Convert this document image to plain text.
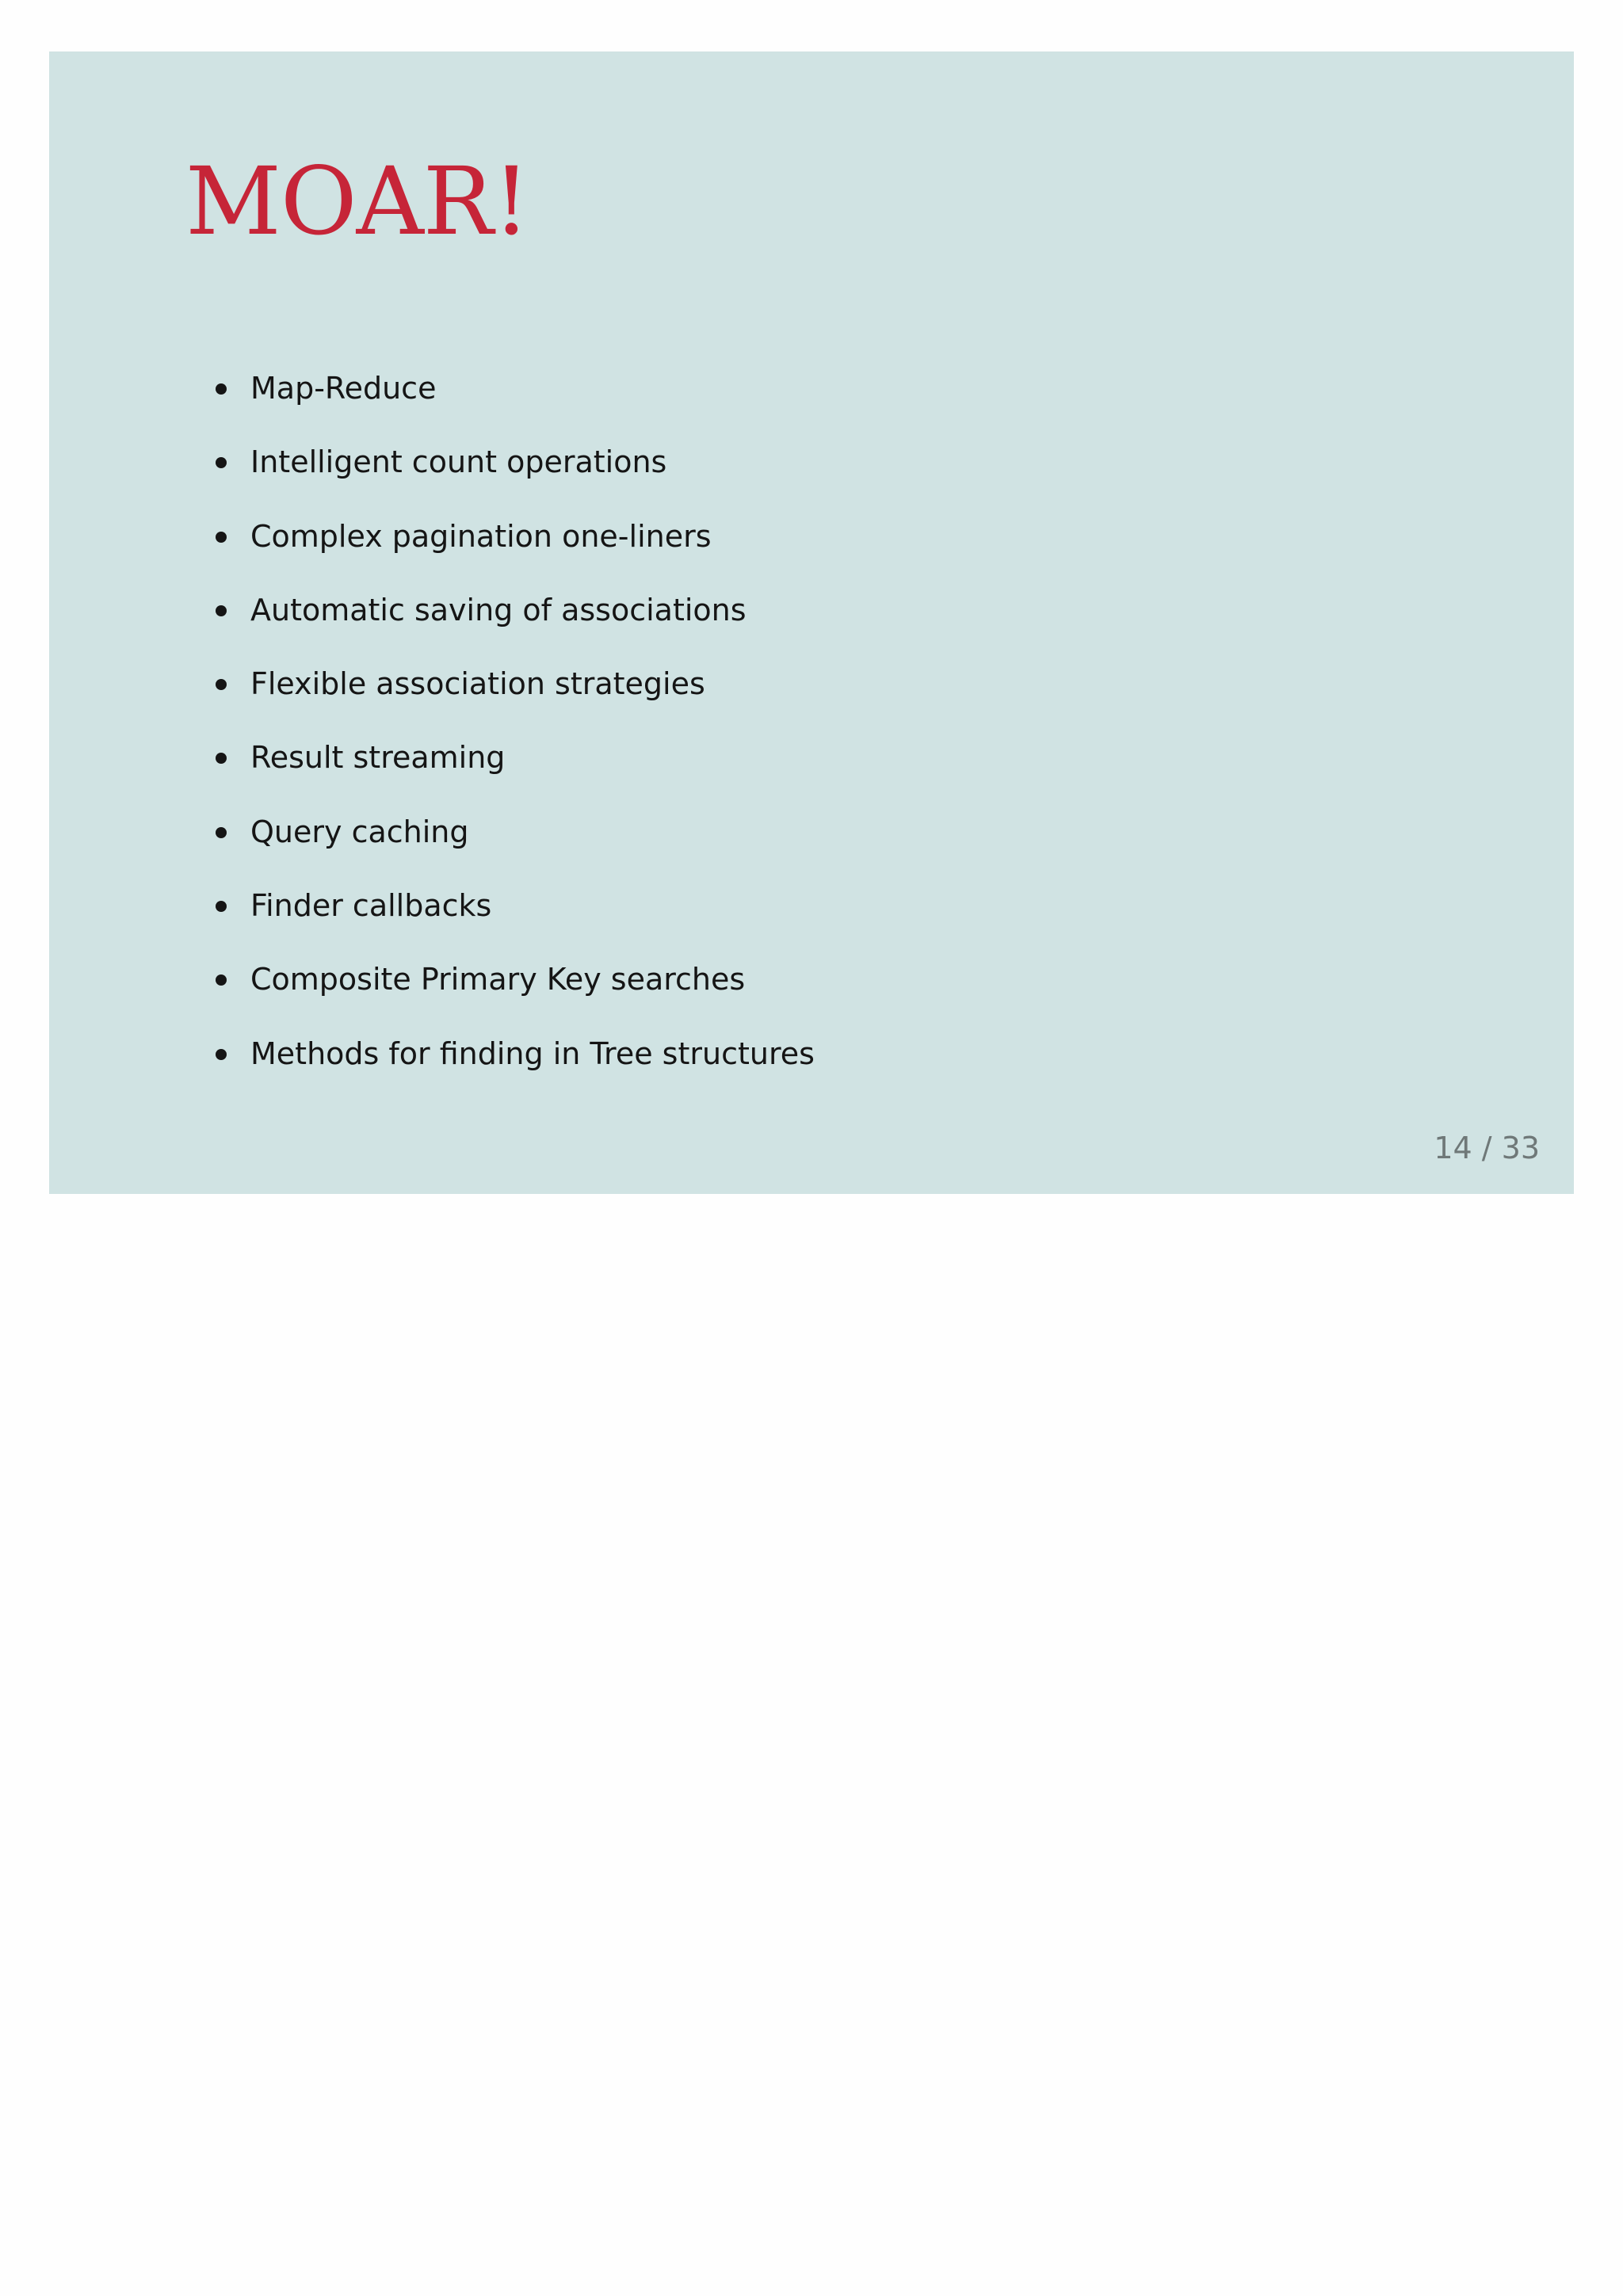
MOAR!
Map-Reduce
Intelligent count operations
Complex pagination one-liners
Automatic saving of associations
Flexible association strategies
Result streaming
Query caching
Finder callbacks
Composite Primary Key searches
Methods for finding in Tree structures
14 / 33
